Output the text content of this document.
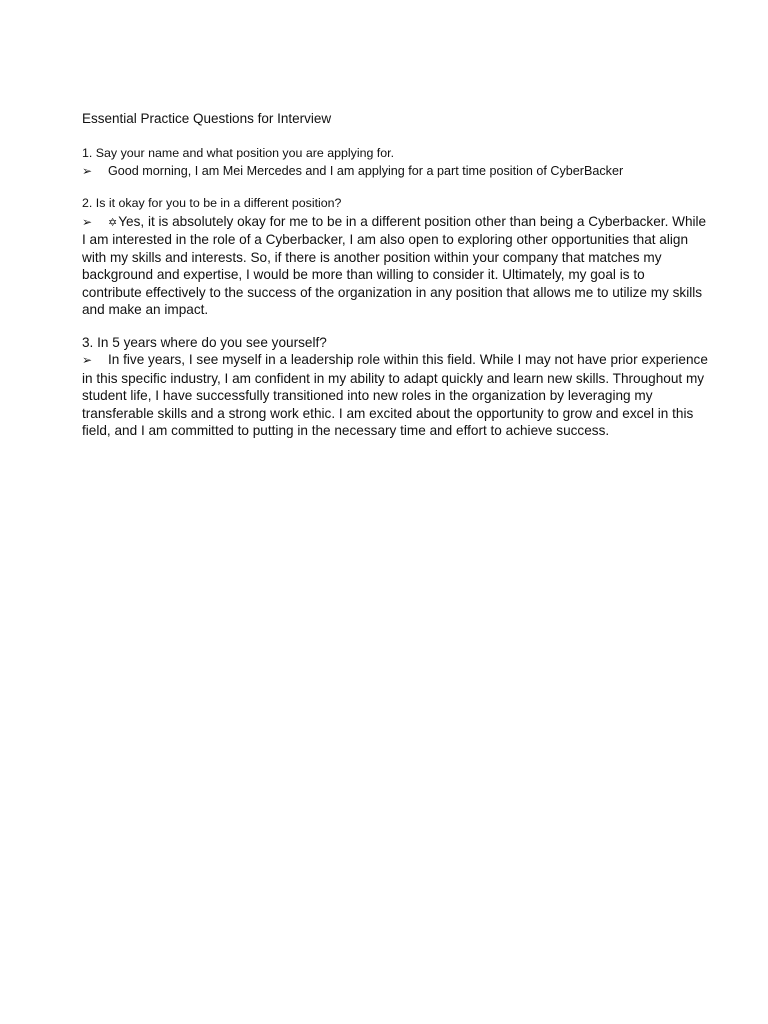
Essential Practice Questions for Interview

1. Say your name and what position you are applying for.

➢ Good morning, I am Mei Mercedes and I am applying for a part time position of CyberBacker

2. Is it okay for you to be in a different position?

➢ ✡Yes, it is absolutely okay for me to be in a different position other than being a Cyberbacker. While I am interested in the role of a Cyberbacker, I am also open to exploring other opportunities that align with my skills and interests. So, if there is another position within your company that matches my background and expertise, I would be more than willing to consider it. Ultimately, my goal is to contribute effectively to the success of the organization in any position that allows me to utilize my skills and make an impact.

3. In 5 years where do you see yourself?

➢ In five years, I see myself in a leadership role within this field. While I may not have prior experience in this specific industry, I am confident in my ability to adapt quickly and learn new skills. Throughout my student life, I have successfully transitioned into new roles in the organization by leveraging my transferable skills and a strong work ethic. I am excited about the opportunity to grow and excel in this field, and I am committed to putting in the necessary time and effort to achieve success.
